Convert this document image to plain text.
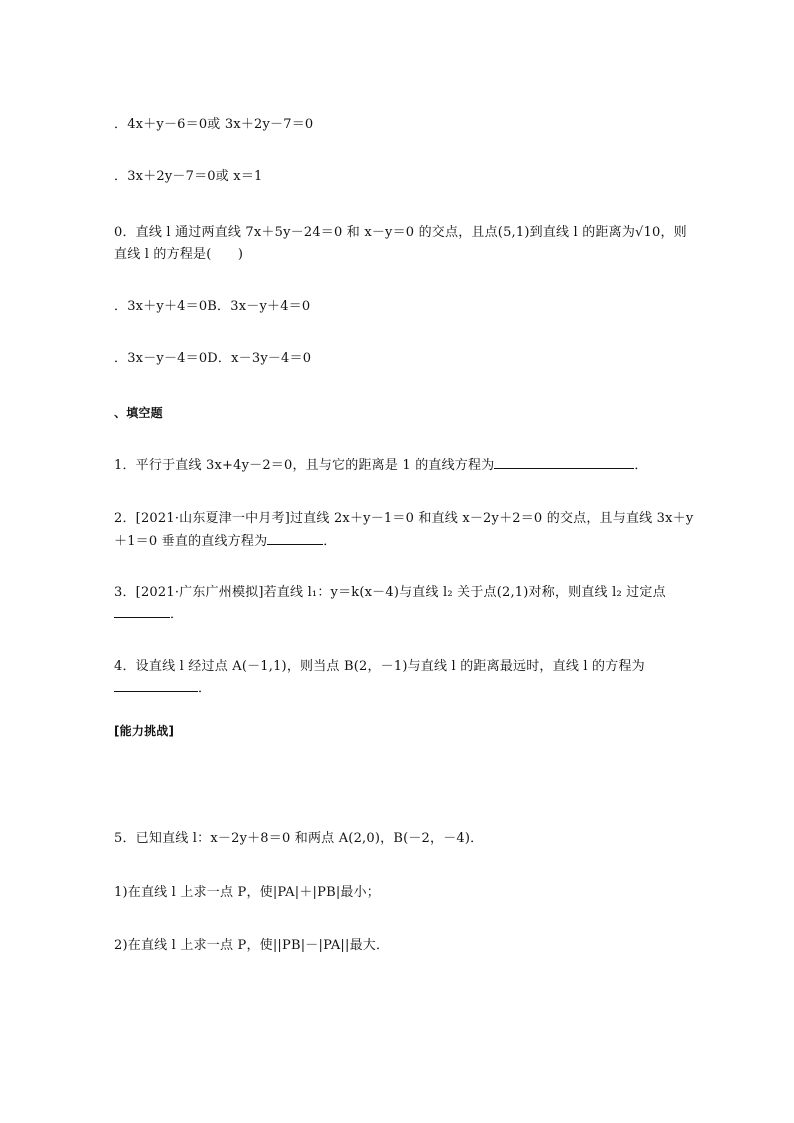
．4x＋y－6＝0或 3x＋2y－7＝0
．3x＋2y－7＝0或 x＝1
0．直线 l 通过两直线 7x＋5y－24＝0 和 x－y＝0 的交点，且点(5,1)到直线 l 的距离为√10，则
直线 l 的方程是(　　)
．3x＋y＋4＝0B．3x－y＋4＝0
．3x－y－4＝0D．x－3y－4＝0
、填空题
1．平行于直线 3x+4y－2＝0，且与它的距离是 1 的直线方程为	．
2．[2021·山东夏津一中月考]过直线 2x＋y－1＝0 和直线 x－2y＋2＝0 的交点，且与直线 3x＋y
＋1＝0 垂直的直线方程为	．
3．[2021·广东广州模拟]若直线 l₁：y＝k(x－4)与直线 l₂ 关于点(2,1)对称，则直线 l₂ 过定点
．
4．设直线 l 经过点 A(－1,1)，则当点 B(2，－1)与直线 l 的距离最远时，直线 l 的方程为
．
[能力挑战]
5．已知直线 l：x－2y＋8＝0 和两点 A(2,0)，B(－2，－4)．
1)在直线 l 上求一点 P，使|PA|＋|PB|最小；
2)在直线 l 上求一点 P，使||PB|－|PA||最大．
